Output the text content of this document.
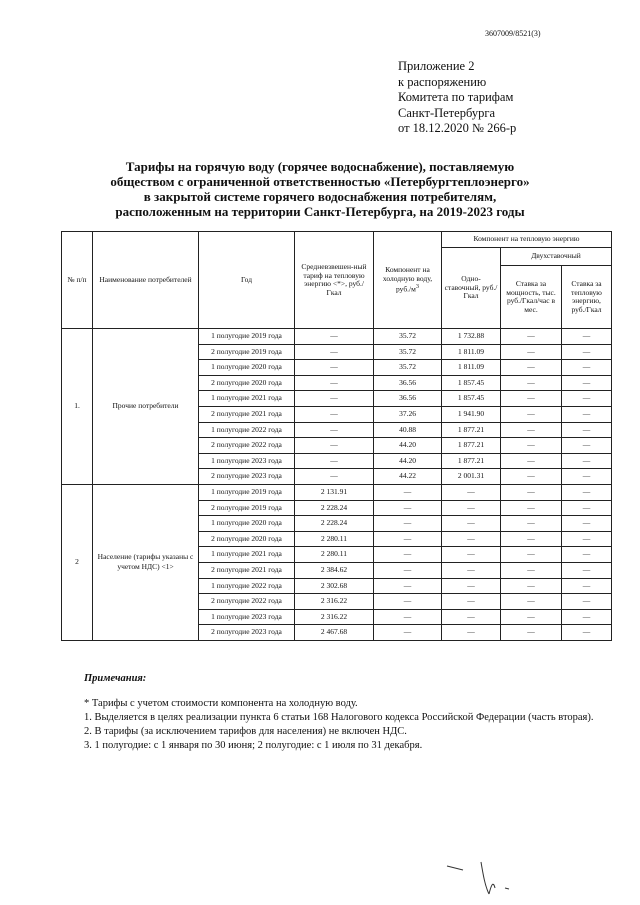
3607009/8521(3)
Приложение 2
к распоряжению
Комитета по тарифам
Санкт-Петербурга
от 18.12.2020 № 266-р
Тарифы на горячую воду (горячее водоснабжение), поставляемую
обществом с ограниченной ответственностью «Петербургтеплоэнерго»
в закрытой системе горячего водоснабжения потребителям,
расположенным на территории Санкт-Петербурга, на 2019-2023 годы
№ п/п	Наименование потребителей	Год	Средневзвешен-ный тариф на тепловую энергию <*>, руб./Гкал	Компонент на холодную воду,
$руб./м^3$	Компонент на тепловую энергию		
					Одно-ставочный, руб./Гкал	Двухставочный	
						Ставка за мощность, тыс. руб./Гкал/час в мес.	Ставка за тепловую энергию, руб./Гкал
1.	Прочие потребители	1 полугодие 2019 года	—	35.72	1 732.88	—	—
		2 полугодие 2019 года	—	35.72	1 811.09	—	—
		1 полугодие 2020 года	—	35.72	1 811.09	—	—
		2 полугодие 2020 года	—	36.56	1 857.45	—	—
		1 полугодие 2021 года	—	36.56	1 857.45	—	—
		2 полугодие 2021 года	—	37.26	1 941.90	—	—
		1 полугодие 2022 года	—	40.88	1 877.21	—	—
		2 полугодие 2022 года	—	44.20	1 877.21	—	—
		1 полугодие 2023 года	—	44.20	1 877.21	—	—
		2 полугодие 2023 года	—	44.22	2 001.31	—	—
2	Население (тарифы указаны с учетом НДС) <1>	1 полугодие 2019 года	2 131.91	—	—	—	—
		2 полугодие 2019 года	2 228.24	—	—	—	—
		1 полугодие 2020 года	2 228.24	—	—	—	—
		2 полугодие 2020 года	2 280.11	—	—	—	—
		1 полугодие 2021 года	2 280.11	—	—	—	—
		2 полугодие 2021 года	2 384.62	—	—	—	—
		1 полугодие 2022 года	2 302.68	—	—	—	—
		2 полугодие 2022 года	2 316.22	—	—	—	—
		1 полугодие 2023 года	2 316.22	—	—	—	—
		2 полугодие 2023 года	2 467.68	—	—	—	—
Примечания:
* Тарифы с учетом стоимости компонента на холодную воду.
1. Выделяется в целях реализации пункта 6 статьи 168 Налогового кодекса Российской Федерации (часть вторая).
2. В тарифы (за исключением тарифов для населения) не включен НДС.
3. 1 полугодие: с 1 января по 30 июня; 2 полугодие: с 1 июля по 31 декабря.
